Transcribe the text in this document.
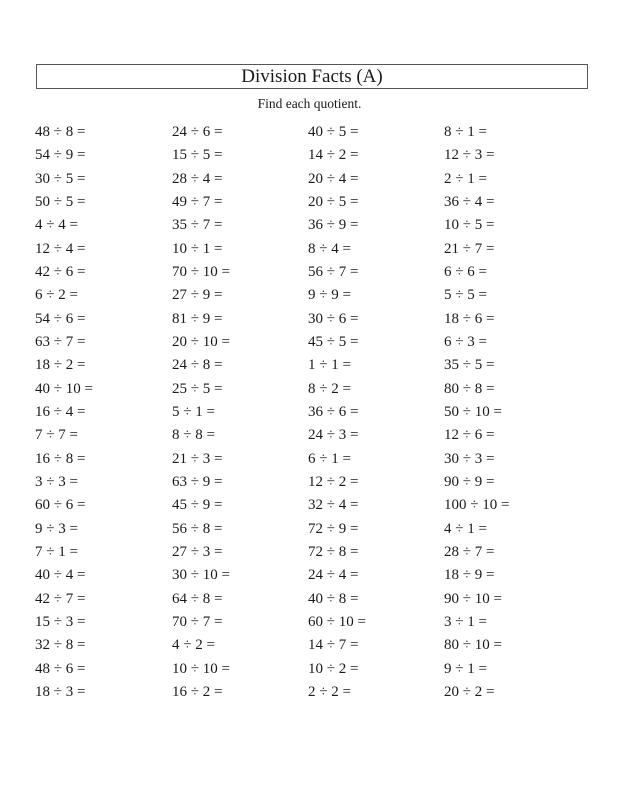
Division Facts (A)
Find each quotient.
48 ÷ 8 =
54 ÷ 9 =
30 ÷ 5 =
50 ÷ 5 =
4 ÷ 4 =
12 ÷ 4 =
42 ÷ 6 =
6 ÷ 2 =
54 ÷ 6 =
63 ÷ 7 =
18 ÷ 2 =
40 ÷ 10 =
16 ÷ 4 =
7 ÷ 7 =
16 ÷ 8 =
3 ÷ 3 =
60 ÷ 6 =
9 ÷ 3 =
7 ÷ 1 =
40 ÷ 4 =
42 ÷ 7 =
15 ÷ 3 =
32 ÷ 8 =
48 ÷ 6 =
18 ÷ 3 =
24 ÷ 6 =
15 ÷ 5 =
28 ÷ 4 =
49 ÷ 7 =
35 ÷ 7 =
10 ÷ 1 =
70 ÷ 10 =
27 ÷ 9 =
81 ÷ 9 =
20 ÷ 10 =
24 ÷ 8 =
25 ÷ 5 =
5 ÷ 1 =
8 ÷ 8 =
21 ÷ 3 =
63 ÷ 9 =
45 ÷ 9 =
56 ÷ 8 =
27 ÷ 3 =
30 ÷ 10 =
64 ÷ 8 =
70 ÷ 7 =
4 ÷ 2 =
10 ÷ 10 =
16 ÷ 2 =
40 ÷ 5 =
14 ÷ 2 =
20 ÷ 4 =
20 ÷ 5 =
36 ÷ 9 =
8 ÷ 4 =
56 ÷ 7 =
9 ÷ 9 =
30 ÷ 6 =
45 ÷ 5 =
1 ÷ 1 =
8 ÷ 2 =
36 ÷ 6 =
24 ÷ 3 =
6 ÷ 1 =
12 ÷ 2 =
32 ÷ 4 =
72 ÷ 9 =
72 ÷ 8 =
24 ÷ 4 =
40 ÷ 8 =
60 ÷ 10 =
14 ÷ 7 =
10 ÷ 2 =
2 ÷ 2 =
8 ÷ 1 =
12 ÷ 3 =
2 ÷ 1 =
36 ÷ 4 =
10 ÷ 5 =
21 ÷ 7 =
6 ÷ 6 =
5 ÷ 5 =
18 ÷ 6 =
6 ÷ 3 =
35 ÷ 5 =
80 ÷ 8 =
50 ÷ 10 =
12 ÷ 6 =
30 ÷ 3 =
90 ÷ 9 =
100 ÷ 10 =
4 ÷ 1 =
28 ÷ 7 =
18 ÷ 9 =
90 ÷ 10 =
3 ÷ 1 =
80 ÷ 10 =
9 ÷ 1 =
20 ÷ 2 =
